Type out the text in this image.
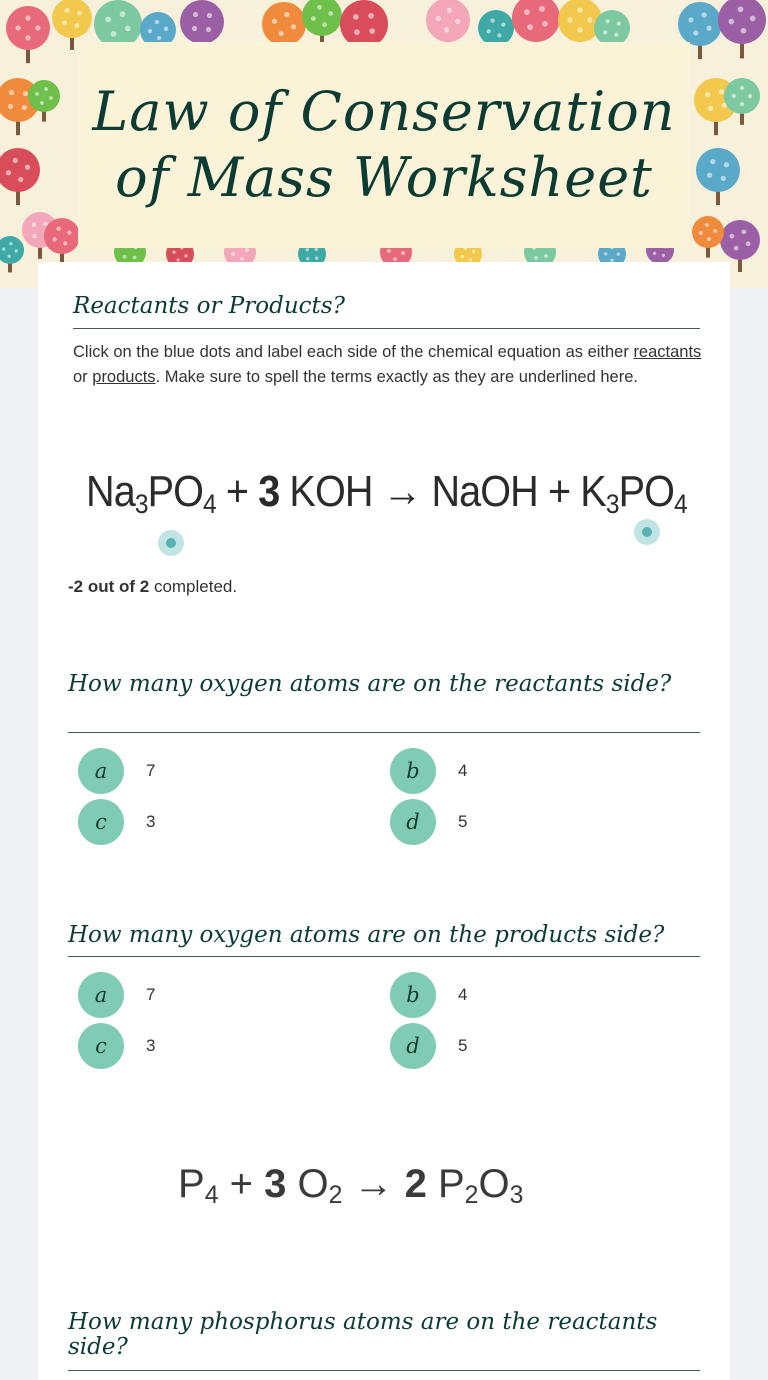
Law of Conservation of Mass Worksheet
Reactants or Products?

Click on the blue dots and label each side of the chemical equation as either reactants or products. Make sure to spell the terms exactly as they are underlined here.

$Na_3PO_4 + 3$ KOH → NaOH + $K_3PO_4$

-2 out of 2 completed.

How many oxygen atoms are on the reactants side?
a	7	b	4
c	3	d	5
How many oxygen atoms are on the products side?
a	7	b	4
c	3	d	5
$P_4 + 3$ $O_2 \to 2$ $P_2O_3$
How many phosphorus atoms are on the reactants side?
